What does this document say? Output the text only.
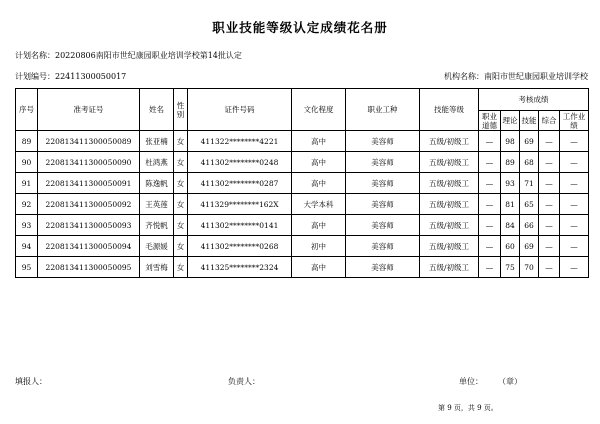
职业技能等级认定成绩花名册
计划名称：20220806南阳市世纪康园职业培训学校第14批认定
计划编号：22411300050017	机构名称：南阳市世纪康园职业培训学校
序号	准考证号	姓名	性别	证件号码	文化程度	职业工种	技能等级	考核成绩				
								职业道德	理论	技能	综合	工作业绩
89	220813411300050089	张亚楠	女	411322********4221	高中	美容师	五级/初级工	—	98	69	—	—
90	220813411300050090	杜鸿燕	女	411302********0248	高中	美容师	五级/初级工	—	89	68	—	—
91	220813411300050091	陈逸帆	女	411302********0287	高中	美容师	五级/初级工	—	93	71	—	—
92	220813411300050092	王英莲	女	411329********162X	大学本科	美容师	五级/初级工	—	81	65	—	—
93	220813411300050093	齐悦帆	女	411302********0141	高中	美容师	五级/初级工	—	84	66	—	—
94	220813411300050094	毛源媛	女	411302********0268	初中	美容师	五级/初级工	—	60	69	—	—
95	220813411300050095	刘雪梅	女	411325********2324	高中	美容师	五级/初级工	—	75	70	—	—
填报人：	负责人：	单位： （章）
第 9 页，共 9 页。
